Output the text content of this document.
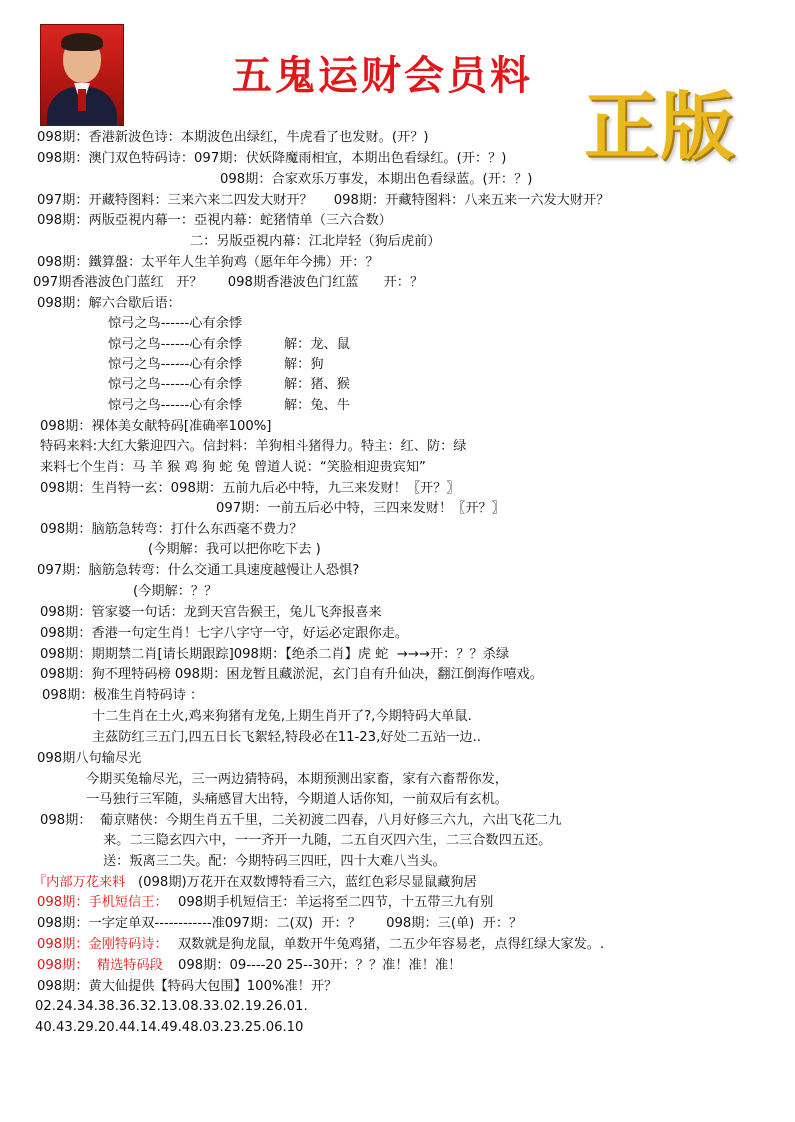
五鬼运财会员料
正版
098期：香港新波色诗：本期波色出绿红，牛虎看了也发财。(开？)
098期：澳门双色特码诗：097期：伏妖降魔雨相宜，本期出色看绿红。(开：？)
098期：合家欢乐万事发，本期出色看绿蓝。(开：？)
097期：开藏特图料：三来六来二四发大财开？     098期：开藏特图料：八来五来一六发大财开？
098期：两版亞視内幕一：亞視内幕：蛇猪情单（三六合数）
二：另版亞視内幕：江北岸轻（狗后虎前）
098期：鐵算盤：太平年人生羊狗鸡（愿年年今拂）开：？
097期香港波色门蓝红   开？      098期香港波色门红蓝      开：？
098期：解六合歇后语：
惊弓之鸟------心有余悸
惊弓之鸟------心有余悸          解：龙、鼠
惊弓之鸟------心有余悸          解：狗
惊弓之鸟------心有余悸          解：猪、猴
惊弓之鸟------心有余悸          解：兔、牛
098期：裸体美女献特码[准确率100%]
特码来料:大红大紫迎四六。信封料：羊狗相斗猪得力。特主：红、防：绿
来料七个生肖：马 羊 猴 鸡 狗 蛇 兔 曾道人说：“笑脸相迎贵宾知”
098期：生肖特一玄：098期：五前九后必中特，九三来发财！〖开？〗
097期：一前五后必中特，三四来发财！〖开？〗
098期：脑筋急转弯：打什么东西毫不费力？
(今期解：我可以把你吃下去 )
097期：脑筋急转弯：什么交通工具速度越慢让人恐惧?
(今期解：？？
098期：管家婆一句话：龙到天宫告猴王，兔儿飞奔报喜来
098期：香港一句定生肖！七字八字守一守，好运必定跟你走。
098期：期期禁二肖[请长期跟踪]098期：【绝杀二肖】虎 蛇  →→→开：？？杀绿
098期：狗不理特码榜 098期：困龙暂且藏淤泥，玄门自有升仙决，翻江倒海作嘻戏。
098期：极准生肖特码诗 ：
十二生肖在土火,鸡来狗猪有龙兔,上期生肖开了?,今期特码大单鼠.
主茲防红三五门,四五日长飞絮轻,特段必在11-23,好处二五站一边..
098期八句输尽光
今期买兔输尽光，三一两边猜特码，本期预测出家畜，家有六畜帮你发，
一马独行三军随，头痛感冒大出特，今期道人话你知，一前双后有玄机。
098期：  葡京赌侠：今期生肖五千里，二关初渡二四春，八月好修三六九，六出飞花二九
来。二三隐玄四六中，一一齐开一九随，二五自灭四六生，二三合数四五还。
送：叛离三二失。配：今期特码三四旺，四十大难八当头。
『内部万花来料 (098期)万花开在双数博特看三六，蓝红色彩尽显鼠藏狗居
098期：手机短信王： 098期手机短信王：羊运将至二四节，十五带三九有别
098期：一字定单双------------准097期：二(双)  开：？      098期：三(单)  开：？
098期：金刚特码诗： 双数就是狗龙鼠，单数开牛兔鸡猪，二五少年容易老，点得红绿大家发。.
098期：  精选特码段 098期：09----20 25--30开：？？准！准！准！
098期：黄大仙提供【特码大包围】100%准！开？
02.24.34.38.36.32.13.08.33.02.19.26.01.
40.43.29.20.44.14.49.48.03.23.25.06.10
